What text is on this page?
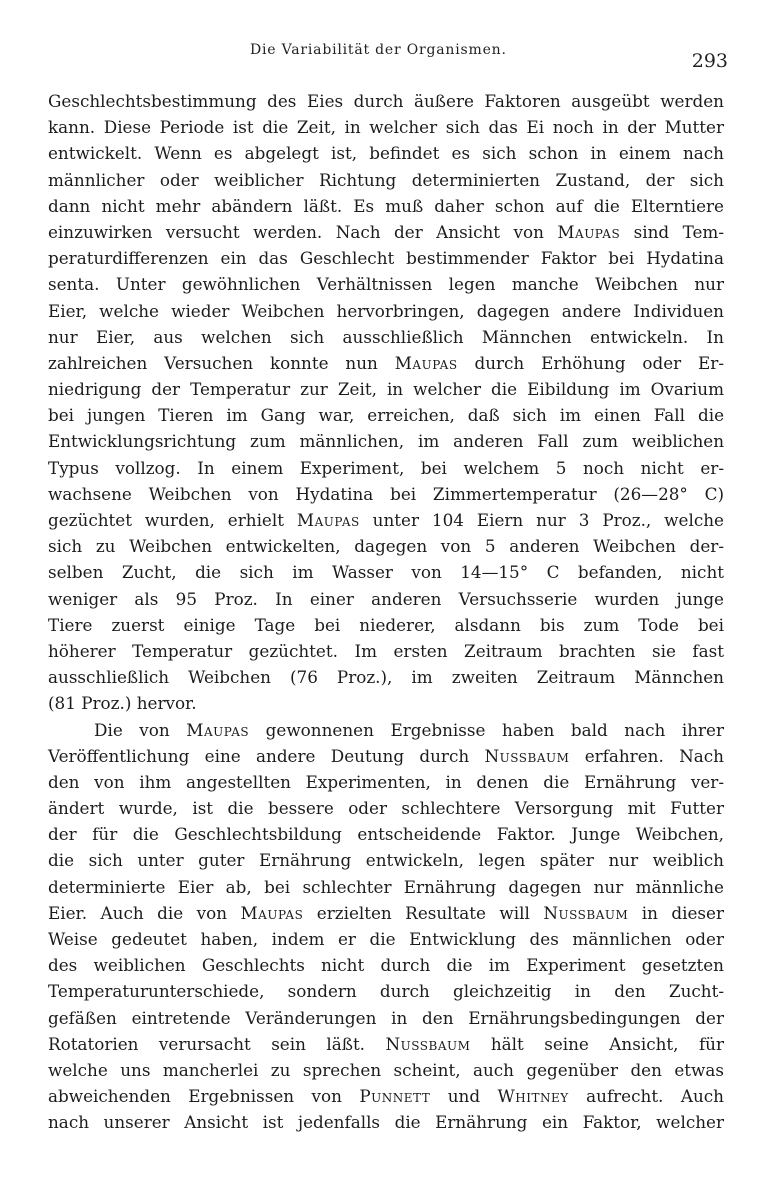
Die Variabilität der Organismen.	293
Geschlechtsbestimmung des Eies durch äußere Faktoren ausgeübt werden
kann. Diese Periode ist die Zeit, in welcher sich das Ei noch in der Mutter
entwickelt. Wenn es abgelegt ist, befindet es sich schon in einem nach
männlicher oder weiblicher Richtung determinierten Zustand, der sich
dann nicht mehr abändern läßt. Es muß daher schon auf die Elterntiere
einzuwirken versucht werden. Nach der Ansicht von Maupas sind Tem-
peraturdifferenzen ein das Geschlecht bestimmender Faktor bei Hydatina
senta. Unter gewöhnlichen Verhältnissen legen manche Weibchen nur
Eier, welche wieder Weibchen hervorbringen, dagegen andere Individuen
nur Eier, aus welchen sich ausschließlich Männchen entwickeln. In
zahlreichen Versuchen konnte nun Maupas durch Erhöhung oder Er-
niedrigung der Temperatur zur Zeit, in welcher die Eibildung im Ovarium
bei jungen Tieren im Gang war, erreichen, daß sich im einen Fall die
Entwicklungsrichtung zum männlichen, im anderen Fall zum weiblichen
Typus vollzog. In einem Experiment, bei welchem 5 noch nicht er-
wachsene Weibchen von Hydatina bei Zimmertemperatur (26—28° C)
gezüchtet wurden, erhielt Maupas unter 104 Eiern nur 3 Proz., welche
sich zu Weibchen entwickelten, dagegen von 5 anderen Weibchen der-
selben Zucht, die sich im Wasser von 14—15° C befanden, nicht
weniger als 95 Proz. In einer anderen Versuchsserie wurden junge
Tiere zuerst einige Tage bei niederer, alsdann bis zum Tode bei
höherer Temperatur gezüchtet. Im ersten Zeitraum brachten sie fast
ausschließlich Weibchen (76 Proz.), im zweiten Zeitraum Männchen
(81 Proz.) hervor.
Die von Maupas gewonnenen Ergebnisse haben bald nach ihrer
Veröffentlichung eine andere Deutung durch Nussbaum erfahren. Nach
den von ihm angestellten Experimenten, in denen die Ernährung ver-
ändert wurde, ist die bessere oder schlechtere Versorgung mit Futter
der für die Geschlechtsbildung entscheidende Faktor. Junge Weibchen,
die sich unter guter Ernährung entwickeln, legen später nur weiblich
determinierte Eier ab, bei schlechter Ernährung dagegen nur männliche
Eier. Auch die von Maupas erzielten Resultate will Nussbaum in dieser
Weise gedeutet haben, indem er die Entwicklung des männlichen oder
des weiblichen Geschlechts nicht durch die im Experiment gesetzten
Temperaturunterschiede, sondern durch gleichzeitig in den Zucht-
gefäßen eintretende Veränderungen in den Ernährungsbedingungen der
Rotatorien verursacht sein läßt. Nussbaum hält seine Ansicht, für
welche uns mancherlei zu sprechen scheint, auch gegenüber den etwas
abweichenden Ergebnissen von Punnett und Whitney aufrecht. Auch
nach unserer Ansicht ist jedenfalls die Ernährung ein Faktor, welcher
